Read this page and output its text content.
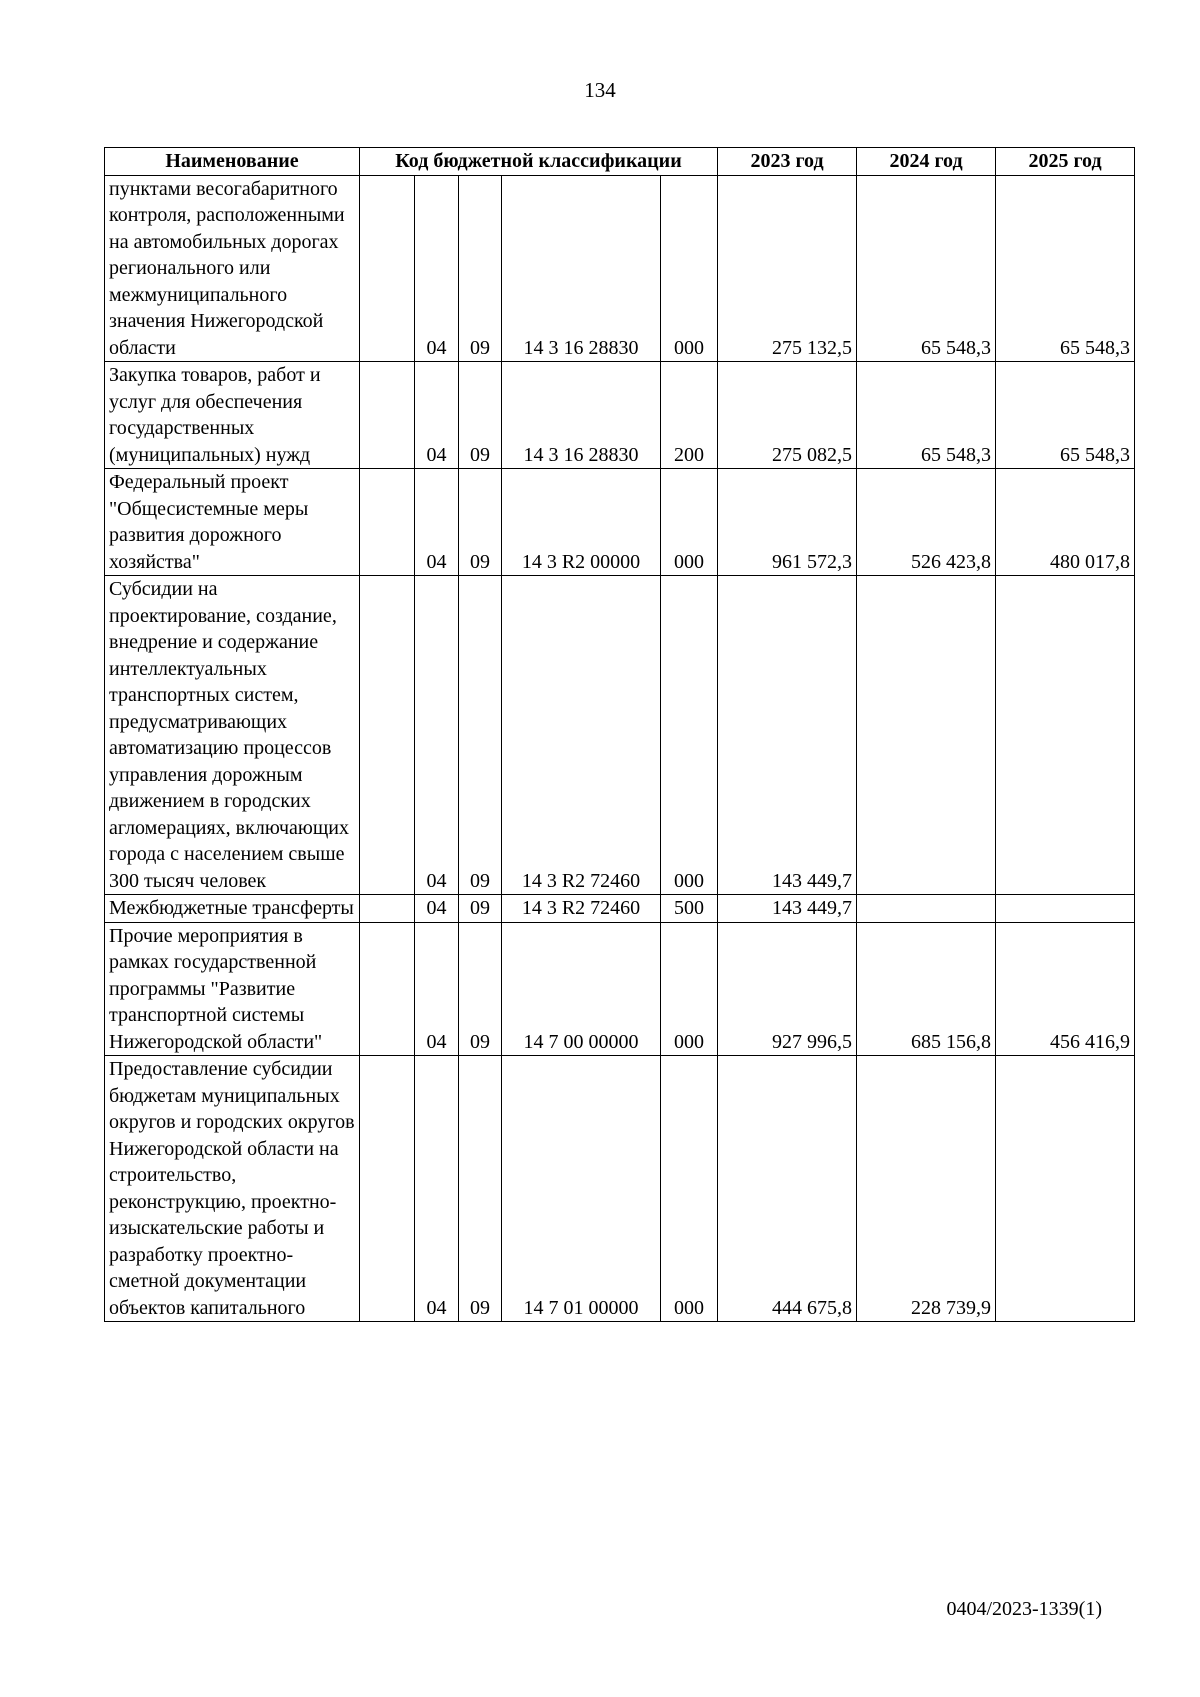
134
Наименование	Код бюджетной классификации					2023 год	2024 год	2025 год
пунктами весогабаритного контроля, расположенными на автомобильных дорогах регионального или межмуниципального значения Нижегородской области		04	09	14 3 16 28830	000	275 132,5	65 548,3	65 548,3
Закупка товаров, работ и услуг для обеспечения государственных (муниципальных) нужд		04	09	14 3 16 28830	200	275 082,5	65 548,3	65 548,3
Федеральный проект "Общесистемные меры развития дорожного хозяйства"		04	09	14 3 R2 00000	000	961 572,3	526 423,8	480 017,8
Субсидии на проектирование, создание, внедрение и содержание интеллектуальных транспортных систем, предусматривающих автоматизацию процессов управления дорожным движением в городских агломерациях, включающих города с населением свыше 300 тысяч человек		04	09	14 3 R2 72460	000	143 449,7		
Межбюджетные трансферты		04	09	14 3 R2 72460	500	143 449,7		
Прочие мероприятия в рамках государственной программы "Развитие транспортной системы Нижегородской области"		04	09	14 7 00 00000	000	927 996,5	685 156,8	456 416,9
Предоставление субсидии бюджетам муниципальных округов и городских округов Нижегородской области на строительство, реконструкцию, проектно-изыскательские работы и разработку проектно-сметной документации объектов капитального		04	09	14 7 01 00000	000	444 675,8	228 739,9	
0404/2023-1339(1)
